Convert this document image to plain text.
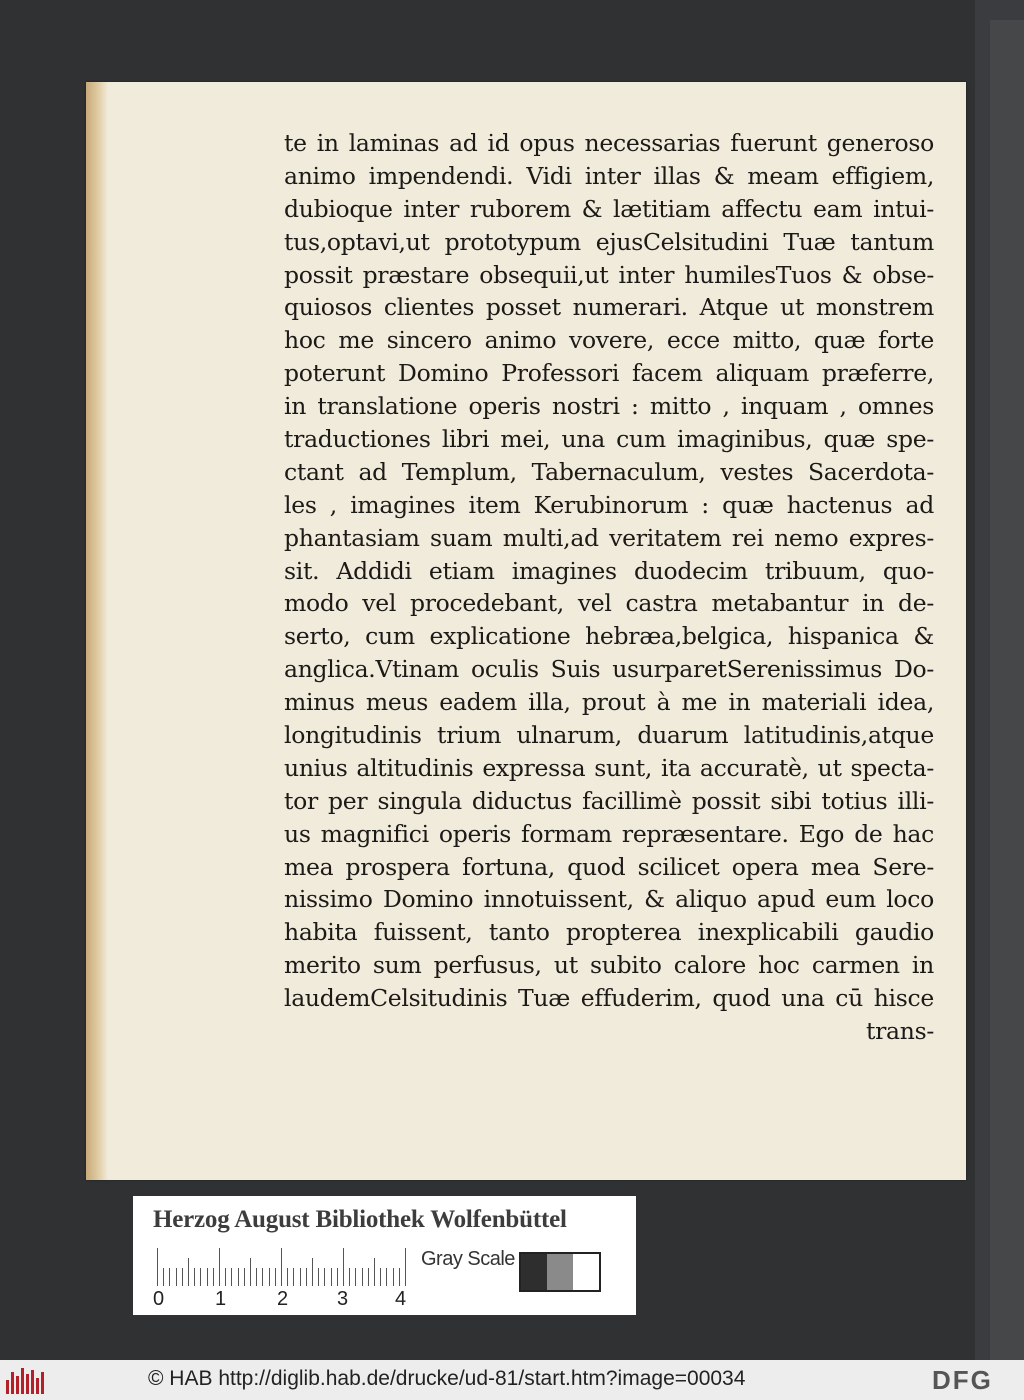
te in laminas ad id opus necessarias fuerunt generoso
animo impendendi. Vidi inter illas & meam effigiem,
dubioque inter ruborem & lætitiam affectu eam intui-
tus,optavi,ut prototypum ejusCelsitudini Tuæ tantum
possit præstare obsequii,ut inter humilesTuos & obse-
quiosos clientes posset numerari. Atque ut monstrem
hoc me sincero animo vovere, ecce mitto, quæ forte
poterunt Domino Professori facem aliquam præferre,
in translatione operis nostri : mitto , inquam , omnes
traductiones libri mei, una cum imaginibus, quæ spe-
ctant ad Templum, Tabernaculum, vestes Sacerdota-
les , imagines item Kerubinorum : quæ hactenus ad
phantasiam suam multi,ad veritatem rei nemo expres-
sit. Addidi etiam imagines duodecim tribuum, quo-
modo vel procedebant, vel castra metabantur in de-
serto, cum explicatione hebræa,belgica, hispanica &
anglica.Vtinam oculis Suis usurparetSerenissimus Do-
minus meus eadem illa, prout à me in materiali idea,
longitudinis trium ulnarum, duarum latitudinis,atque
unius altitudinis expressa sunt, ita accuratè, ut specta-
tor per singula diductus facillimè possit sibi totius illi-
us magnifici operis formam repræsentare. Ego de hac
mea prospera fortuna, quod scilicet opera mea Sere-
nissimo Domino innotuissent, & aliquo apud eum loco
habita fuissent, tanto propterea inexplicabili gaudio
merito sum perfusus, ut subito calore hoc carmen in
laudemCelsitudinis Tuæ effuderim, quod una cū hisce
trans-
Herzog August Bibliothek Wolfenbüttel
0	1	2 3 4
Gray Scale
© HAB http://diglib.hab.de/drucke/ud-81/start.htm?image=00034	DFG
